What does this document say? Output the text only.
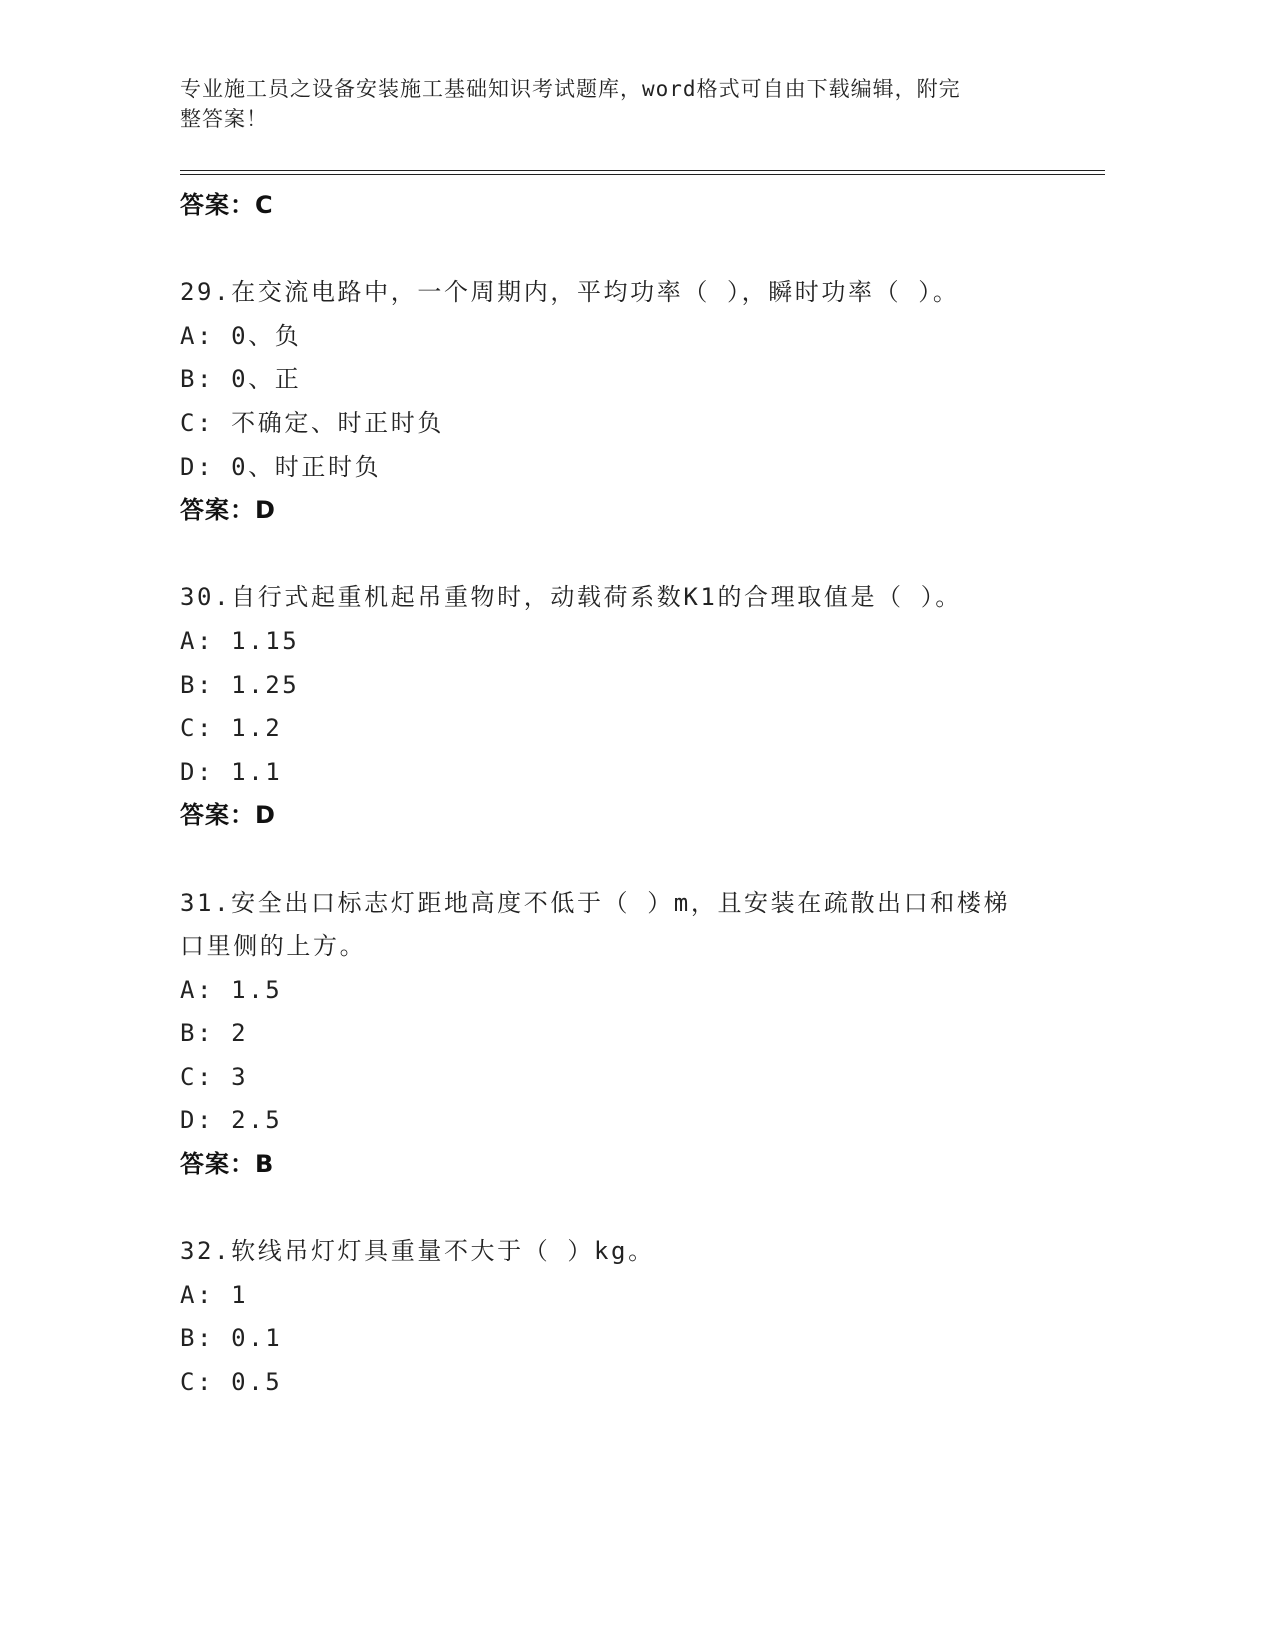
专业施工员之设备安装施工基础知识考试题库，word格式可自由下载编辑，附完
整答案！
答案：C
29.在交流电路中，一个周期内，平均功率（ ），瞬时功率（ ）。
A: 0、负
B: 0、正
C: 不确定、时正时负
D: 0、时正时负
答案：D
30.自行式起重机起吊重物时，动载荷系数K1的合理取值是（ ）。
A: 1.15
B: 1.25
C: 1.2
D: 1.1
答案：D
31.安全出口标志灯距地高度不低于（ ）m，且安装在疏散出口和楼梯
口里侧的上方。
A: 1.5
B: 2
C: 3
D: 2.5
答案：B
32.软线吊灯灯具重量不大于（ ）kg。
A: 1
B: 0.1
C: 0.5
